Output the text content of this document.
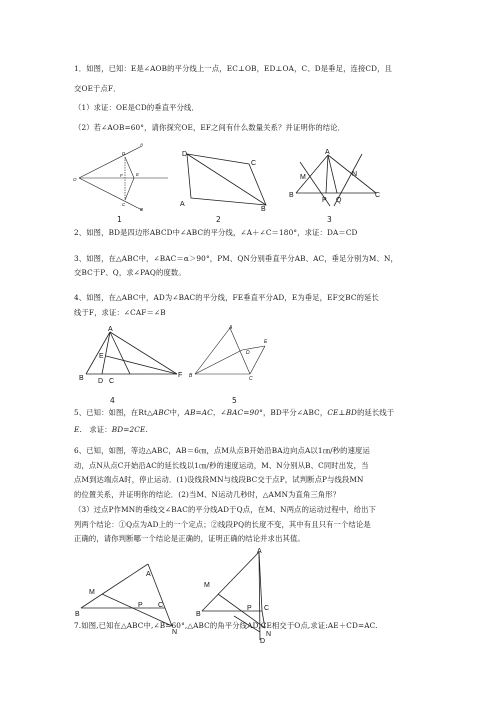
1．如图，已知：E是∠AOB的平分线上一点，EC⊥OB，ED⊥OA，C、D是垂足，连接CD，且
交OE于点F．
（1）求证：OE是CD的垂直平分线．
（2）若∠AOB=60°，请你探究OE，EF之间有什么数量关系？并证明你的结论．
A
D
O
E
F
C
B
D
C
A
B
A
M	N
B
P Q
C
1	2	3
2、如图，BD是四边形ABCD中∠ABC的平分线，∠A＋∠C＝180°，求证：DA＝CD
3、如图，在△ABC中，∠BAC＝α＞90°，PM、QN分别垂直平分AB、AC，垂足分别为M、N，
交BC于P、Q，求∠PAQ的度数。
4、如图，在△ABC中，AD为∠BAC的平分线，FE垂直平分AD，E为垂足，EF交BC的延长
线于F，求证：∠CAF＝∠B
A
E
B D C
F
A
E
D
B	C
4	5
5、已知：如图，在Rt△ABC中，AB=AC，∠BAC=90°，BD平分∠ABC，CE⊥BD的延长线于
E.   求证：BD=2CE.
6、已知，如图，等边△ABC，AB＝6㎝，点M从点B开始沿BA边向点A以1㎝/秒的速度运
动，点N从点C开始沿AC的延长线以1㎝/秒的速度运动，M、N分别从B、C同时出发，当
点M到达端点A时，停止运动．(1)设线段MN与线段BC交于点P，试判断点P与线段MN
的位置关系，并证明你的结论．(2)当M、N运动几秒时，△AMN为直角三角形？
（3）过点P作MN的垂线交∠BAC的平分线AD于Q点，在M、N两点的运动过程中，给出下
列两个结论：①Q点为AD上的一个定点；②线段PQ的长度不变，其中有且只有一个结论是
正确的，请你判断哪一个结论是正确的，证明正确的结论并求出其值。
A
M
B
P C
N
A
M
B
P C
N
D
7.如图,已知在△ABC中,∠B=60°,△ABC的角平分线AD,CE相交于O点,求证:AE＋CD=AC.
